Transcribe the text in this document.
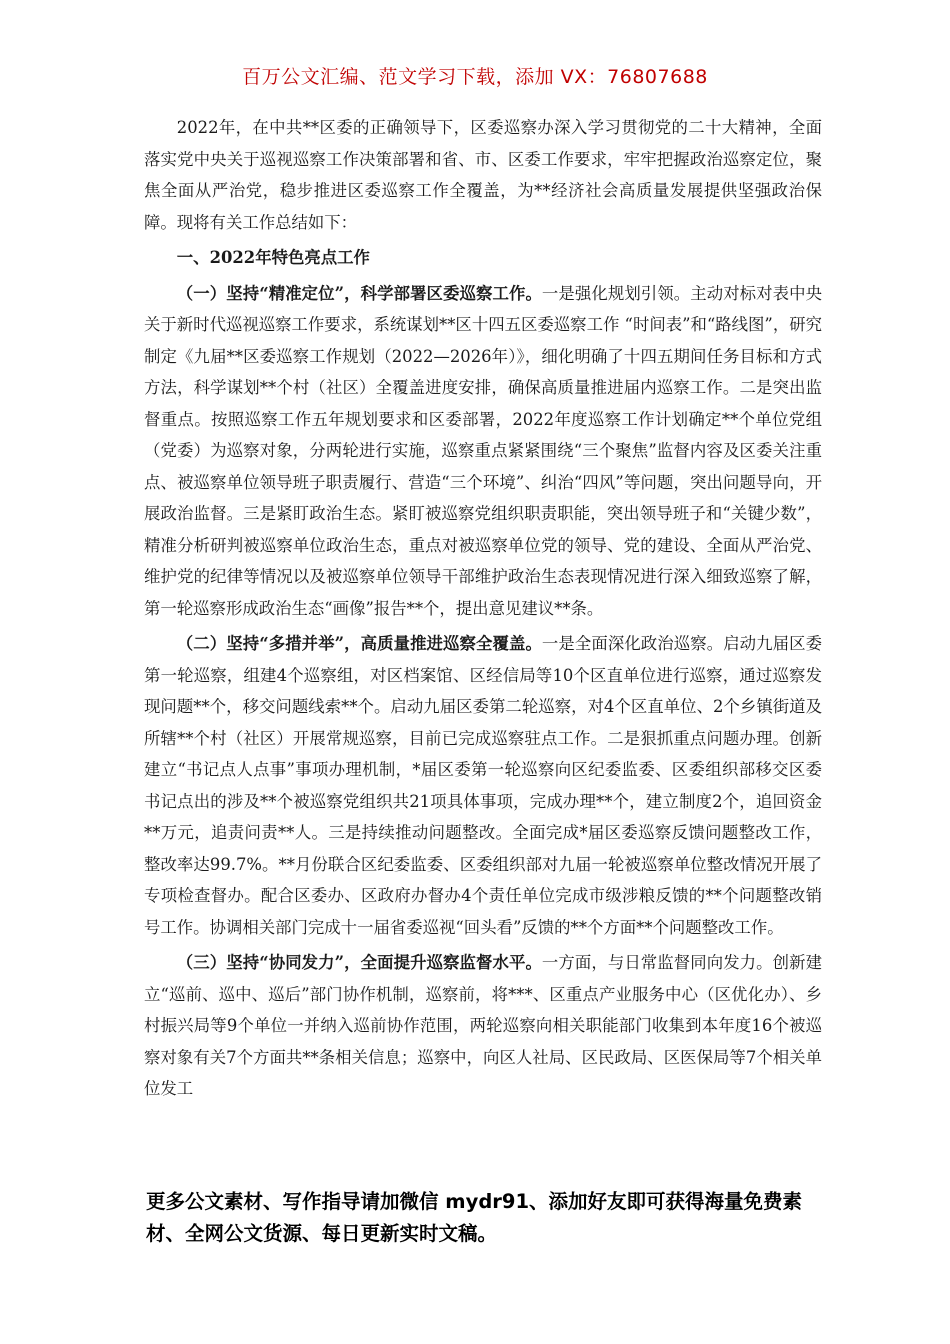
百万公文汇编、范文学习下载，添加 VX：76807688

2022年，在中共**区委的正确领导下，区委巡察办深入学习贯彻党的二十大精神，全面落实党中央关于巡视巡察工作决策部署和省、市、区委工作要求，牢牢把握政治巡察定位，聚焦全面从严治党，稳步推进区委巡察工作全覆盖，为**经济社会高质量发展提供坚强政治保障。现将有关工作总结如下：

一、2022年特色亮点工作

（一）坚持“精准定位”，科学部署区委巡察工作。一是强化规划引领。主动对标对表中央关于新时代巡视巡察工作要求，系统谋划**区十四五区委巡察工作 “时间表”和“路线图”，研究制定《九届**区委巡察工作规划（2022—2026年）》，细化明确了十四五期间任务目标和方式方法，科学谋划**个村（社区）全覆盖进度安排，确保高质量推进届内巡察工作。二是突出监督重点。按照巡察工作五年规划要求和区委部署，2022年度巡察工作计划确定**个单位党组（党委）为巡察对象，分两轮进行实施，巡察重点紧紧围绕“三个聚焦”监督内容及区委关注重点、被巡察单位领导班子职责履行、营造“三个环境”、纠治“四风”等问题，突出问题导向，开展政治监督。三是紧盯政治生态。紧盯被巡察党组织职责职能，突出领导班子和“关键少数”，精准分析研判被巡察单位政治生态，重点对被巡察单位党的领导、党的建设、全面从严治党、维护党的纪律等情况以及被巡察单位领导干部维护政治生态表现情况进行深入细致巡察了解，第一轮巡察形成政治生态“画像”报告**个，提出意见建议**条。

（二）坚持“多措并举”，高质量推进巡察全覆盖。一是全面深化政治巡察。启动九届区委第一轮巡察，组建4个巡察组，对区档案馆、区经信局等10个区直单位进行巡察，通过巡察发现问题**个，移交问题线索**个。启动九届区委第二轮巡察，对4个区直单位、2个乡镇街道及所辖**个村（社区）开展常规巡察，目前已完成巡察驻点工作。二是狠抓重点问题办理。创新建立“书记点人点事”事项办理机制，*届区委第一轮巡察向区纪委监委、区委组织部移交区委书记点出的涉及**个被巡察党组织共21项具体事项，完成办理**个，建立制度2个，追回资金**万元，追责问责**人。三是持续推动问题整改。全面完成*届区委巡察反馈问题整改工作，整改率达99.7%。**月份联合区纪委监委、区委组织部对九届一轮被巡察单位整改情况开展了专项检查督办。配合区委办、区政府办督办4个责任单位完成市级涉粮反馈的**个问题整改销号工作。协调相关部门完成十一届省委巡视“回头看”反馈的**个方面**个问题整改工作。

（三）坚持“协同发力”，全面提升巡察监督水平。一方面，与日常监督同向发力。创新建立“巡前、巡中、巡后”部门协作机制，巡察前，将***、区重点产业服务中心（区优化办）、乡村振兴局等9个单位一并纳入巡前协作范围，两轮巡察向相关职能部门收集到本年度16个被巡察对象有关7个方面共**条相关信息；巡察中，向区人社局、区民政局、区医保局等7个相关单位发工

更多公文素材、写作指导请加微信 mydr91、添加好友即可获得海量免费素材、全网公文货源、每日更新实时文稿。
